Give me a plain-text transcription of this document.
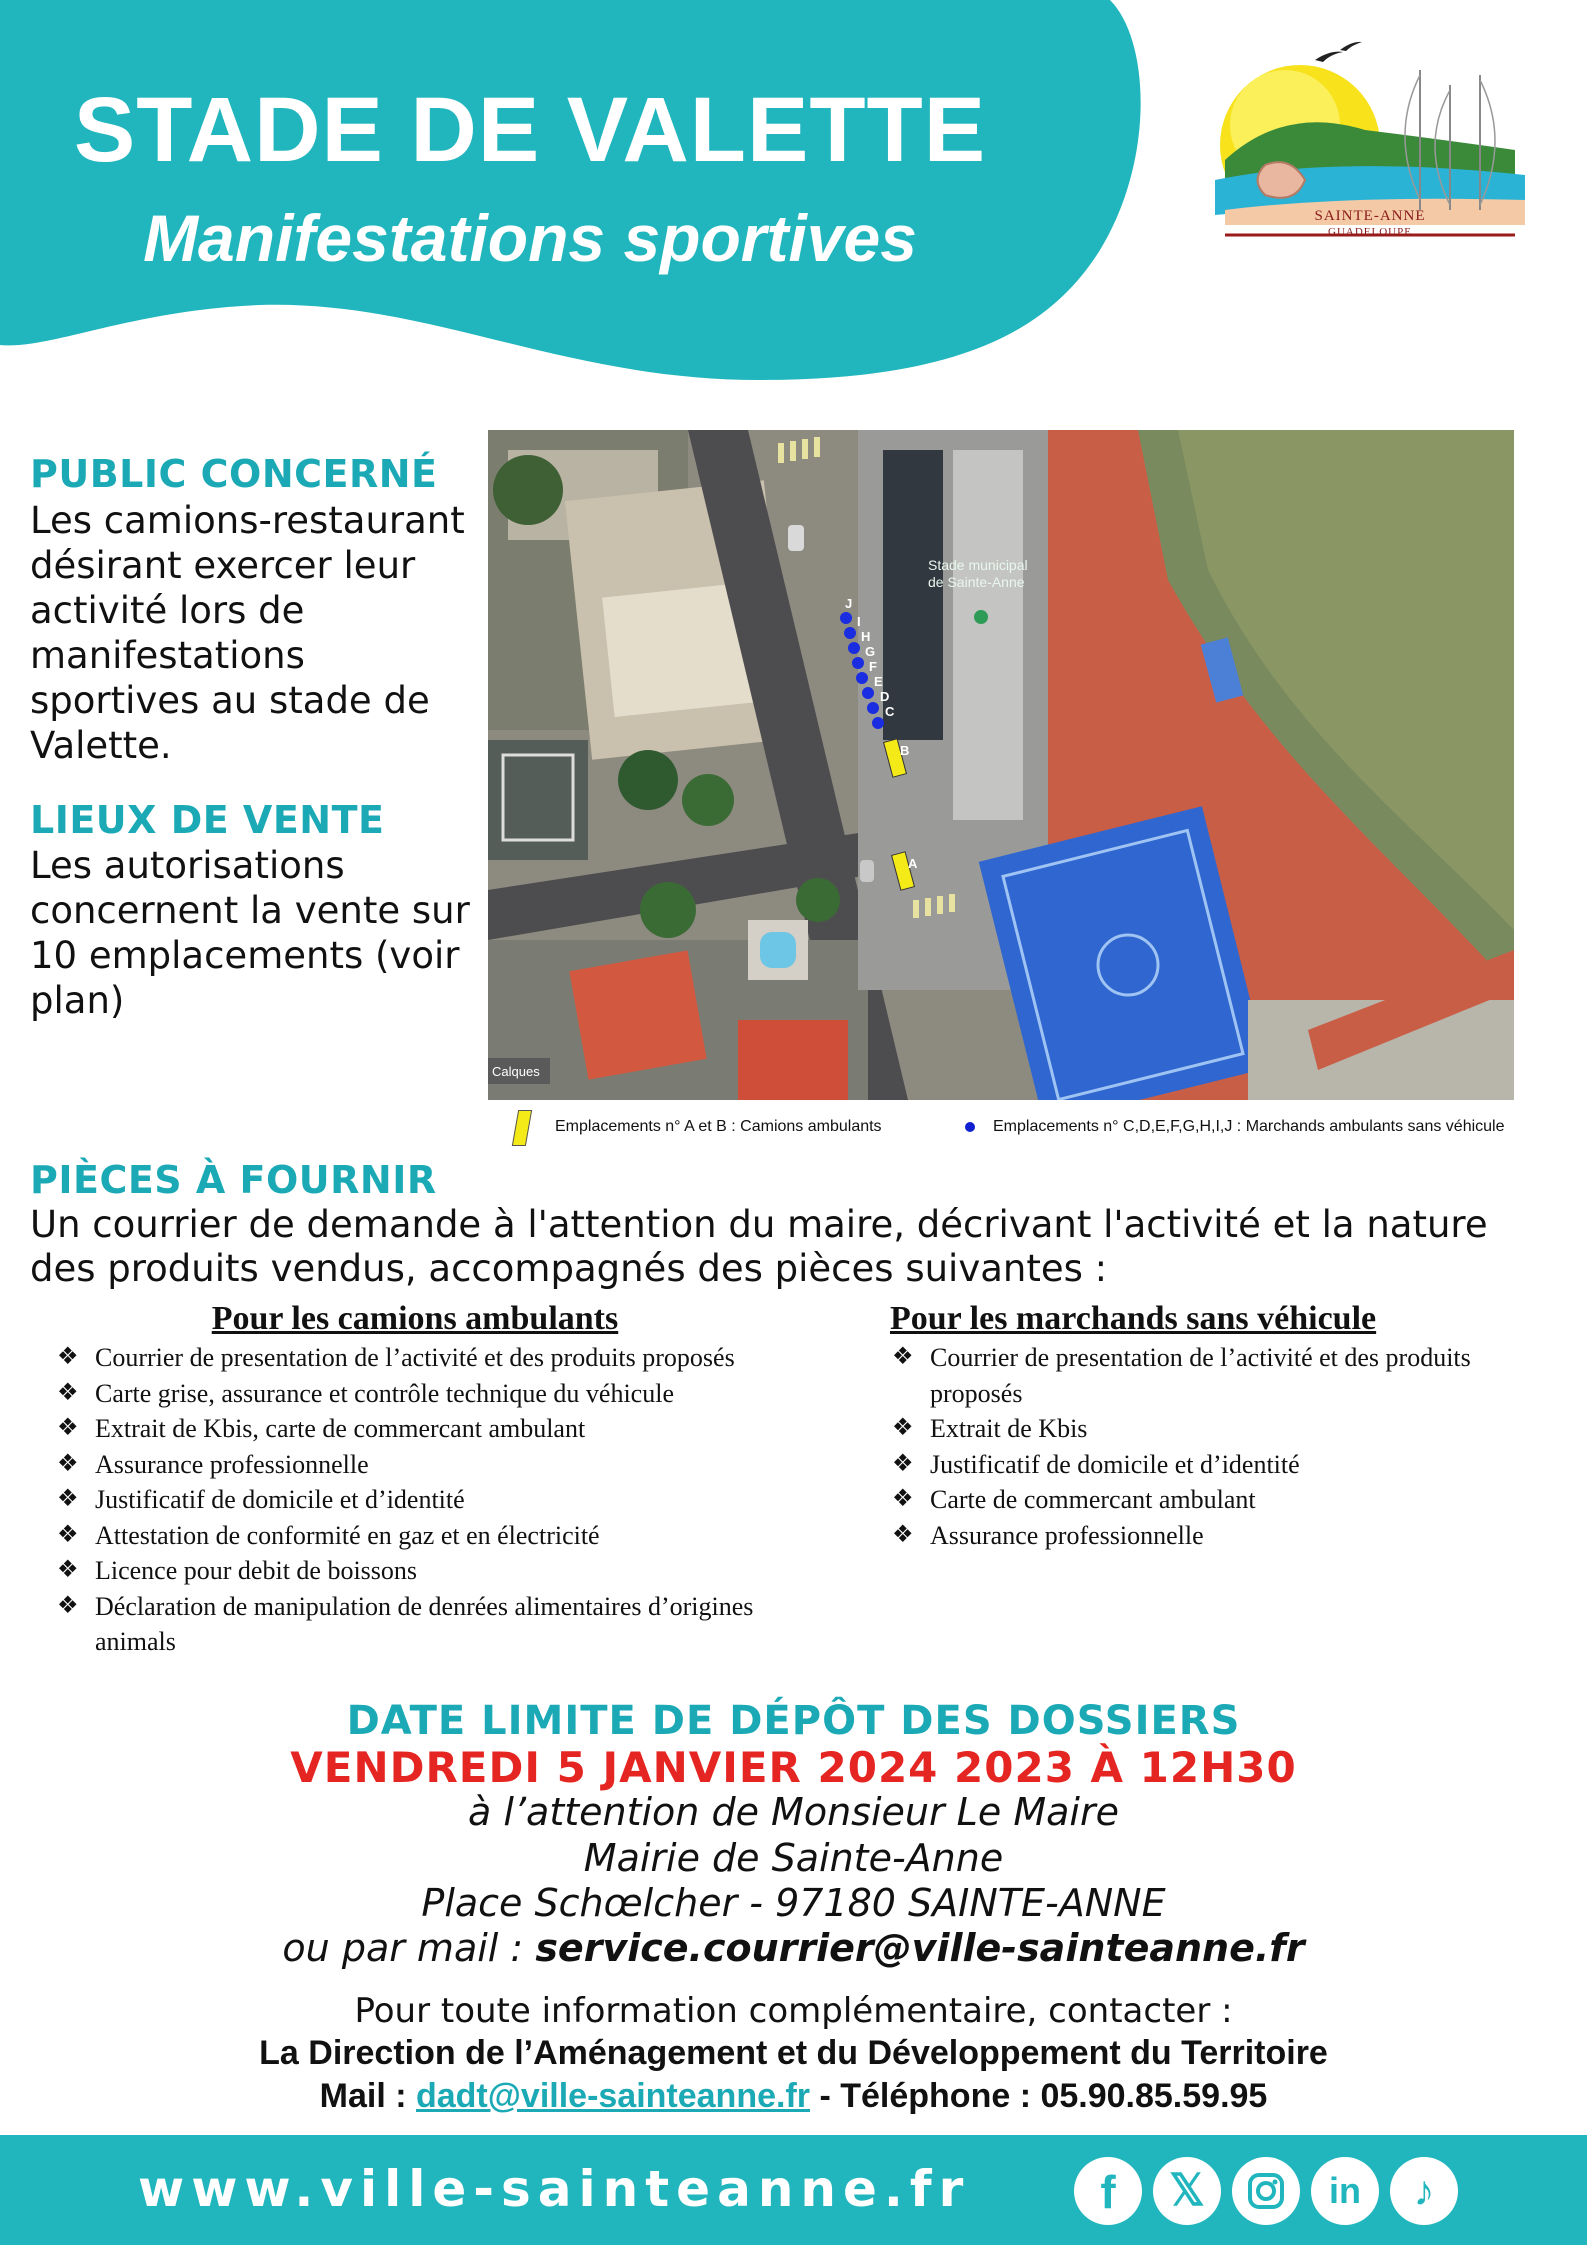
STADE DE VALETTE
Manifestations sportives	SAINTE-ANNE
GUADELOUPE
PUBLIC CONCERNÉ
Les camions-restaurant désirant exercer leur activité lors de manifestations sportives au stade de Valette.
LIEUX DE VENTE
Les autorisations concernent la vente sur 10 emplacements (voir plan)
Stade municipal
de Sainte-Anne
A
B
J
I
H
G
F
E
D
C
Calques
Emplacements n° A et B : Camions ambulants	Emplacements n° C,D,E,F,G,H,I,J : Marchands ambulants sans véhicule
PIÈCES À FOURNIR
Un courrier de demande à l'attention du maire, décrivant l'activité et la nature des produits vendus, accompagnés des pièces suivantes :
Pour les camions ambulants
❖ Courrier de presentation de l’activité et des produits proposés
❖ Carte grise, assurance et contrôle technique du véhicule
❖ Extrait de Kbis, carte de commercant ambulant
❖ Assurance professionnelle
❖ Justificatif de domicile et d’identité
❖ Attestation de conformité en gaz et en électricité
❖ Licence pour debit de boissons
❖ Déclaration de manipulation de denrées alimentaires d’origines animals
Pour les marchands sans véhicule
❖ Courrier de presentation de l’activité et des produits proposés
❖ Extrait de Kbis
❖ Justificatif de domicile et d’identité
❖ Carte de commercant ambulant
❖ Assurance professionnelle
DATE LIMITE DE DÉPÔT DES DOSSIERS
VENDREDI 5 JANVIER 2024 2023 À 12H30
à l’attention de Monsieur Le Maire
Mairie de Sainte-Anne
Place Schœlcher - 97180 SAINTE-ANNE
ou par mail : service.courrier@ville-sainteanne.fr
Pour toute information complémentaire, contacter :
La Direction de l’Aménagement et du Développement du Territoire
Mail : dadt@ville-sainteanne.fr - Téléphone : 05.90.85.59.95
www.ville-sainteanne.fr	f	𝕏	in	♪
